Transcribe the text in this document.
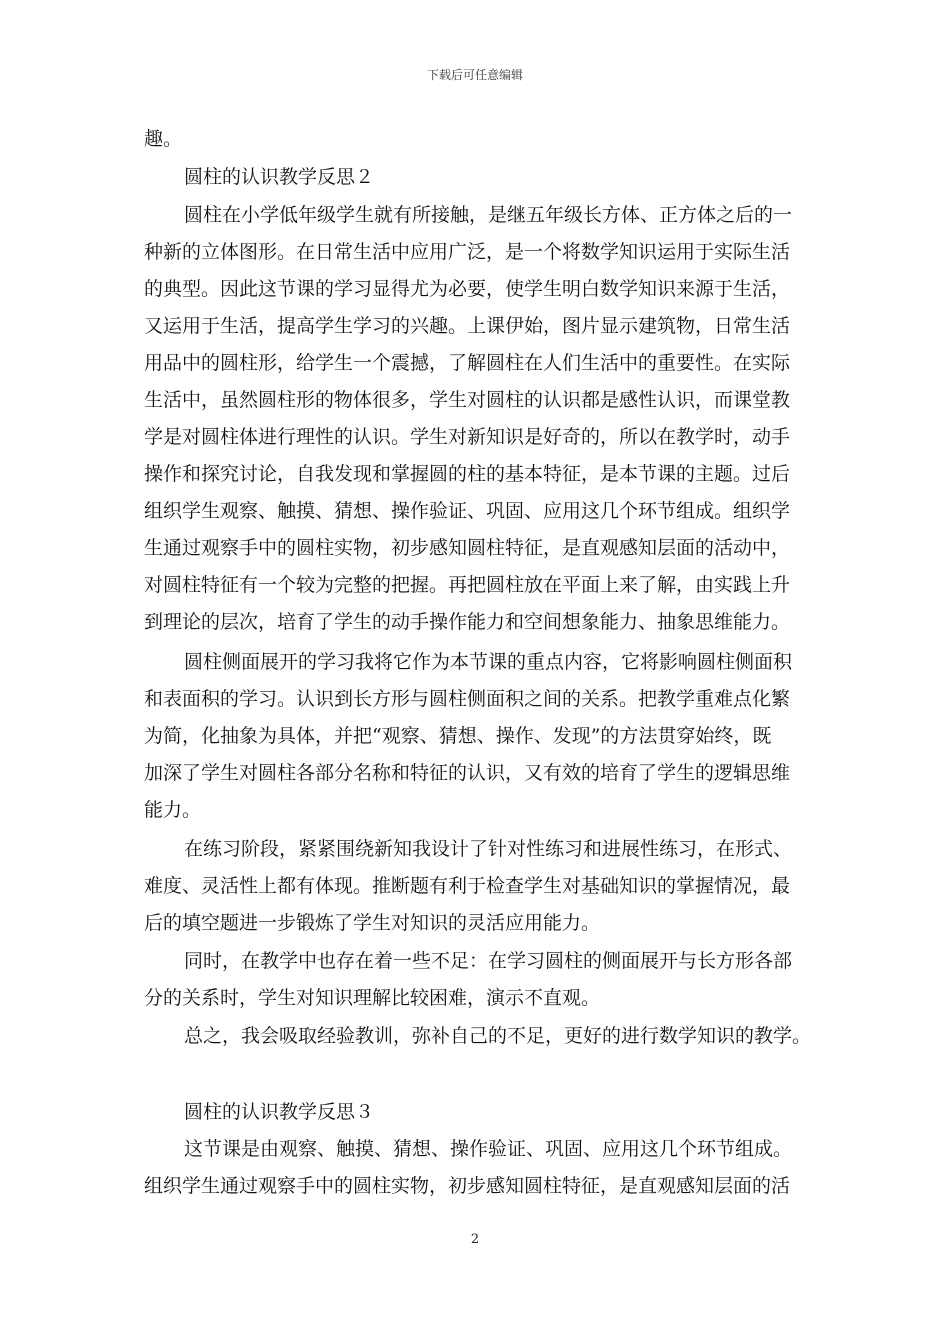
下载后可任意编辑
趣。
圆柱的认识教学反思２
圆柱在小学低年级学生就有所接触，是继五年级长方体、正方体之后的一
种新的立体图形。在日常生活中应用广泛，是一个将数学知识运用于实际生活
的典型。因此这节课的学习显得尤为必要，使学生明白数学知识来源于生活，
又运用于生活，提高学生学习的兴趣。上课伊始，图片显示建筑物，日常生活
用品中的圆柱形，给学生一个震撼，了解圆柱在人们生活中的重要性。在实际
生活中，虽然圆柱形的物体很多，学生对圆柱的认识都是感性认识，而课堂教
学是对圆柱体进行理性的认识。学生对新知识是好奇的，所以在教学时，动手
操作和探究讨论，自我发现和掌握圆的柱的基本特征，是本节课的主题。过后
组织学生观察、触摸、猜想、操作验证、巩固、应用这几个环节组成。组织学
生通过观察手中的圆柱实物，初步感知圆柱特征，是直观感知层面的活动中，
对圆柱特征有一个较为完整的把握。再把圆柱放在平面上来了解，由实践上升
到理论的层次，培育了学生的动手操作能力和空间想象能力、抽象思维能力。
圆柱侧面展开的学习我将它作为本节课的重点内容，它将影响圆柱侧面积
和表面积的学习。认识到长方形与圆柱侧面积之间的关系。把教学重难点化繁
为简，化抽象为具体，并把“观察、猜想、操作、发现”的方法贯穿始终，既
加深了学生对圆柱各部分名称和特征的认识，又有效的培育了学生的逻辑思维
能力。
在练习阶段，紧紧围绕新知我设计了针对性练习和进展性练习，在形式、
难度、灵活性上都有体现。推断题有利于检查学生对基础知识的掌握情况，最
后的填空题进一步锻炼了学生对知识的灵活应用能力。
同时，在教学中也存在着一些不足：在学习圆柱的侧面展开与长方形各部
分的关系时，学生对知识理解比较困难，演示不直观。
总之，我会吸取经验教训，弥补自己的不足，更好的进行数学知识的教学。
圆柱的认识教学反思３
这节课是由观察、触摸、猜想、操作验证、巩固、应用这几个环节组成。
组织学生通过观察手中的圆柱实物，初步感知圆柱特征，是直观感知层面的活
2
